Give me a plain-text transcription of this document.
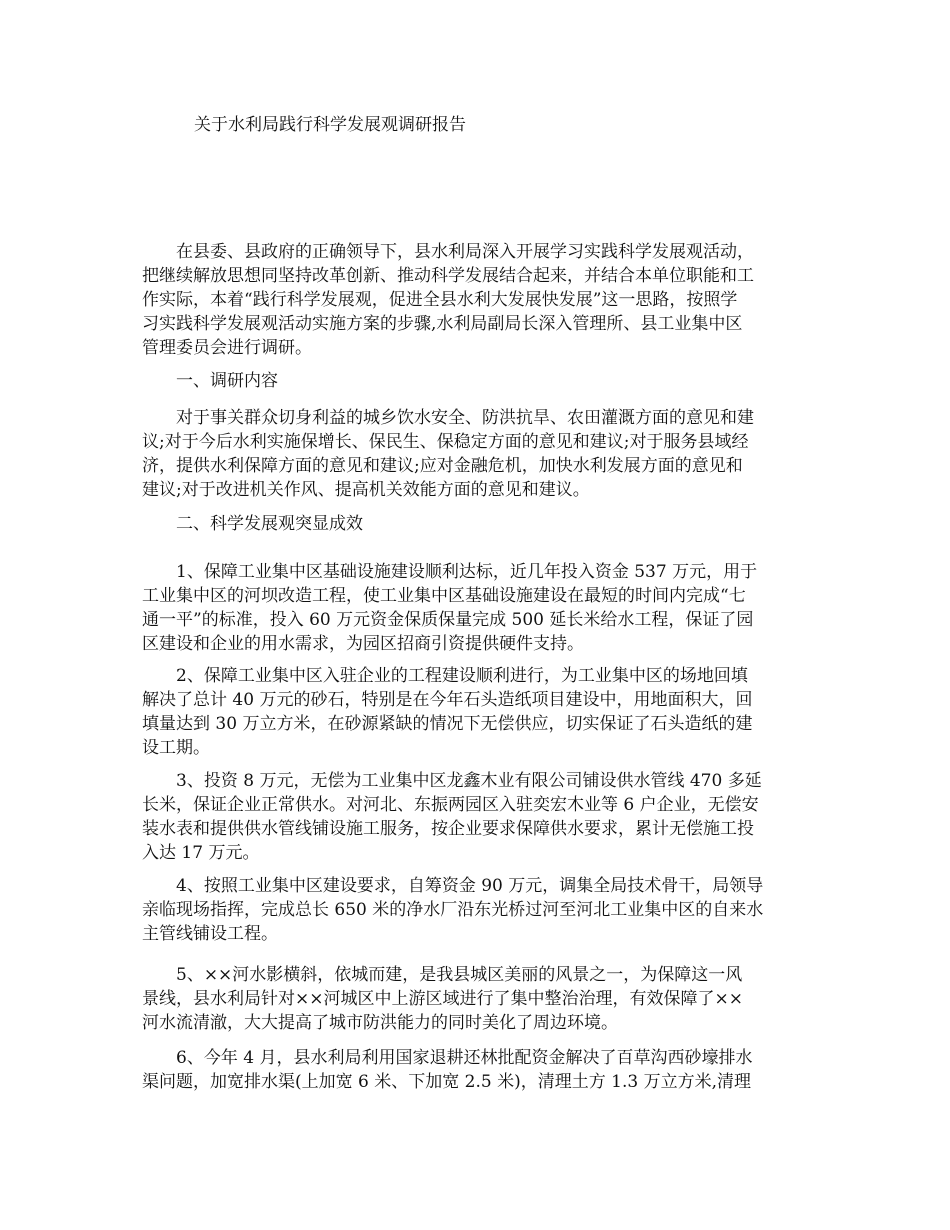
关于水利局践行科学发展观调研报告
　　在县委、县政府的正确领导下，县水利局深入开展学习实践科学发展观活动，
把继续解放思想同坚持改革创新、推动科学发展结合起来，并结合本单位职能和工
作实际，本着“践行科学发展观，促进全县水利大发展快发展”这一思路，按照学
习实践科学发展观活动实施方案的步骤,水利局副局长深入管理所、县工业集中区
管理委员会进行调研。
　　一、调研内容
　　对于事关群众切身利益的城乡饮水安全、防洪抗旱、农田灌溉方面的意见和建
议;对于今后水利实施保增长、保民生、保稳定方面的意见和建议;对于服务县域经
济，提供水利保障方面的意见和建议;应对金融危机，加快水利发展方面的意见和
建议;对于改进机关作风、提高机关效能方面的意见和建议。
　　二、科学发展观突显成效
　　1、保障工业集中区基础设施建设顺利达标，近几年投入资金 537 万元，用于
工业集中区的河坝改造工程，使工业集中区基础设施建设在最短的时间内完成“七
通一平”的标准，投入 60 万元资金保质保量完成 500 延长米给水工程，保证了园
区建设和企业的用水需求，为园区招商引资提供硬件支持。
　　2、保障工业集中区入驻企业的工程建设顺利进行，为工业集中区的场地回填
解决了总计 40 万元的砂石，特别是在今年石头造纸项目建设中，用地面积大，回
填量达到 30 万立方米，在砂源紧缺的情况下无偿供应，切实保证了石头造纸的建
设工期。
　　3、投资 8 万元，无偿为工业集中区龙鑫木业有限公司铺设供水管线 470 多延
长米，保证企业正常供水。对河北、东振两园区入驻奕宏木业等 6 户企业，无偿安
装水表和提供供水管线铺设施工服务，按企业要求保障供水要求，累计无偿施工投
入达 17 万元。
　　4、按照工业集中区建设要求，自筹资金 90 万元，调集全局技术骨干，局领导
亲临现场指挥，完成总长 650 米的净水厂沿东光桥过河至河北工业集中区的自来水
主管线铺设工程。
　　5、××河水影横斜，依城而建，是我县城区美丽的风景之一，为保障这一风
景线，县水利局针对××河城区中上游区域进行了集中整治治理，有效保障了××
河水流清澈，大大提高了城市防洪能力的同时美化了周边环境。
　　6、今年 4 月，县水利局利用国家退耕还林批配资金解决了百草沟西砂壕排水
渠问题，加宽排水渠(上加宽 6 米、下加宽 2.5 米)，清理土方 1.3 万立方米,清理
